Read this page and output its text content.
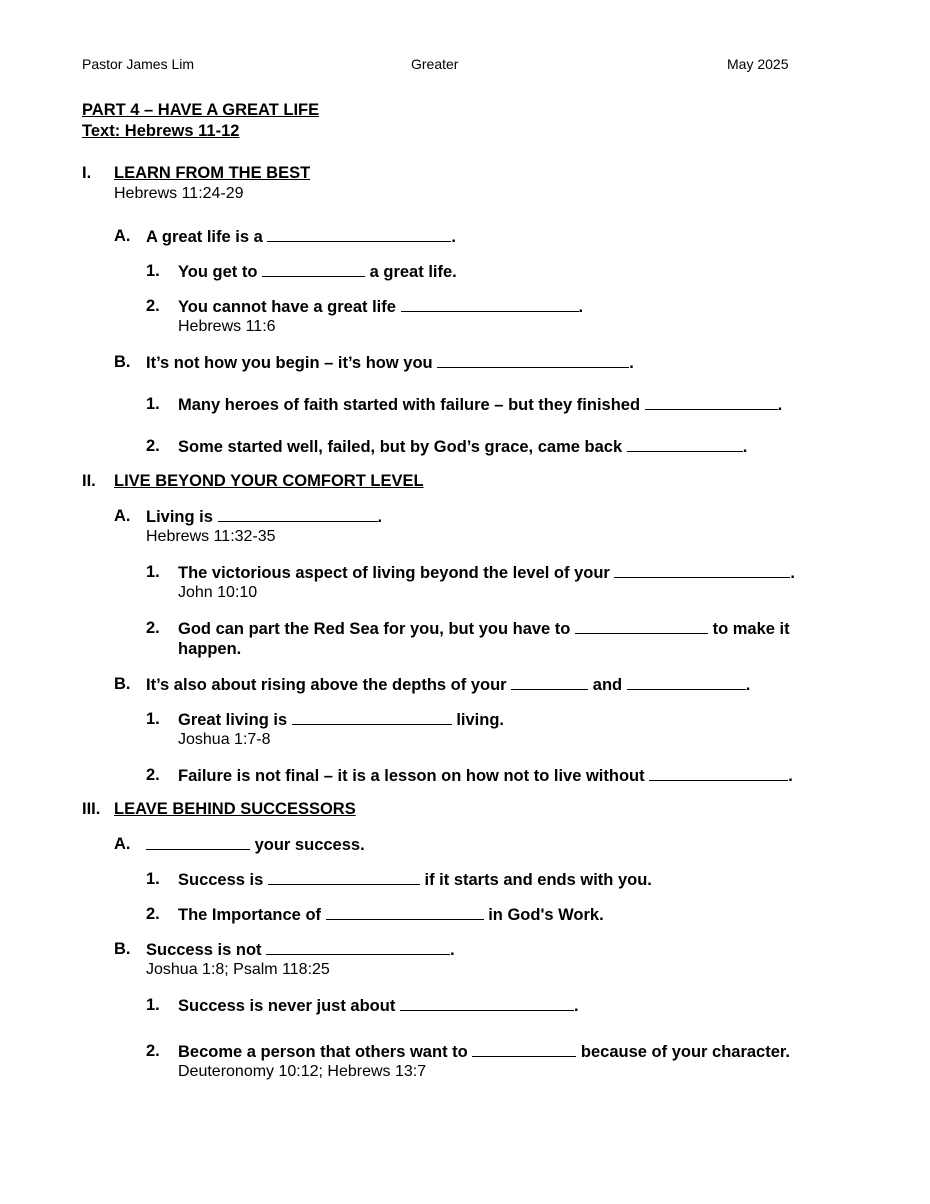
Pastor James Lim	Greater	May 2025
PART 4 – HAVE A GREAT LIFE
Text: Hebrews 11-12
I. LEARN FROM THE BEST
Hebrews 11:24-29
A. A great life is a	.
1. You get to	a great life.
2. You cannot have a great life	.
Hebrews 11:6
B. It’s not how you begin – it’s how you	.
1. Many heroes of faith started with failure – but they finished	.
2. Some started well, failed, but by God’s grace, came back	.
II. LIVE BEYOND YOUR COMFORT LEVEL
A. Living is	.
Hebrews 11:32-35
1. The victorious aspect of living beyond the level of your	.
John 10:10
2. God can part the Red Sea for you, but you have to	to make it
happen.
B. It’s also about rising above the depths of your	and	.
1. Great living is	living.
Joshua 1:7-8
2. Failure is not final – it is a lesson on how not to live without	.
III. LEAVE BEHIND SUCCESSORS
A.	your success.
1. Success is	if it starts and ends with you.
2. The Importance of	in God's Work.
B. Success is not	.
Joshua 1:8; Psalm 118:25
1. Success is never just about	.
2. Become a person that others want to	because of your character.
Deuteronomy 10:12; Hebrews 13:7
